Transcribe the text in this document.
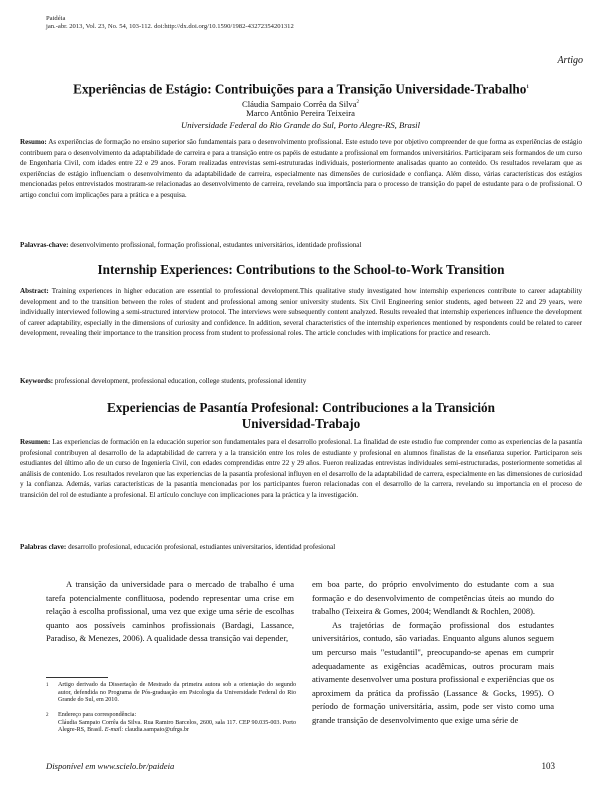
Paidéia
jan.-abr. 2013, Vol. 23, No. 54, 103-112. doi:http://dx.doi.org/10.1590/1982-43272354201312
Artigo
Experiências de Estágio: Contribuições para a Transição Universidade-Trabalho$^1$
Cláudia Sampaio Corrêa da Silva$^2$
Marco Antônio Pereira Teixeira
Universidade Federal do Rio Grande do Sul, Porto Alegre-RS, Brasil
Resumo: As experiências de formação no ensino superior são fundamentais para o desenvolvimento profissional. Este estudo teve por objetivo compreender de que forma as experiências de estágio contribuem para o desenvolvimento da adaptabilidade de carreira e para a transição entre os papéis de estudante a profissional em formandos universitários. Participaram seis formandos de um curso de Engenharia Civil, com idades entre 22 e 29 anos. Foram realizadas entrevistas semi-estruturadas individuais, posteriormente analisadas quanto ao conteúdo. Os resultados revelaram que as experiências de estágio influenciam o desenvolvimento da adaptabilidade de carreira, especialmente nas dimensões de curiosidade e confiança. Além disso, várias características dos estágios mencionadas pelos entrevistados mostraram-se relacionadas ao desenvolvimento de carreira, revelando sua importância para o processo de transição do papel de estudante para o de profissional. O artigo conclui com implicações para a prática e a pesquisa.
Palavras-chave: desenvolvimento profissional, formação profissional, estudantes universitários, identidade profissional
Internship Experiences: Contributions to the School-to-Work Transition
Abstract: Training experiences in higher education are essential to professional development.This qualitative study investigated how internship experiences contribute to career adaptability development and to the transition between the roles of student and professional among senior university students. Six Civil Engineering senior students, aged between 22 and 29 years, were individually interviewed following a semi-structured interview protocol. The interviews were subsequently content analyzed. Results revealed that internship experiences influence the development of career adaptability, especially in the dimensions of curiosity and confidence. In addition, several characteristics of the internship experiences mentioned by respondents could be related to career development, revealing their importance to the transition process from student to professional roles. The article concludes with implications for practice and research.
Keywords: professional development, professional education, college students, professional identity
Experiencias de Pasantía Profesional: Contribuciones a la Transición
Universidad-Trabajo
Resumen: Las experiencias de formación en la educación superior son fundamentales para el desarrollo profesional. La finalidad de este estudio fue comprender como as experiencias de la pasantía profesional contribuyen al desarrollo de la adaptabilidad de carrera y a la transición entre los roles de estudiante y profesional en alumnos finalistas de la enseñanza superior. Participaron seis estudiantes del último año de un curso de Ingeniería Civil, con edades comprendidas entre 22 y 29 años. Fueron realizadas entrevistas individuales semi-estructuradas, posteriormente sometidas al análisis de contenido. Los resultados revelaron que las experiencias de la pasantía profesional influyen en el desarrollo de la adaptabilidad de carrera, especialmente en las dimensiones de curiosidad y la confianza. Además, varias características de la pasantía mencionadas por los participantes fueron relacionadas con el desarrollo de la carrera, revelando su importancia en el proceso de transición del rol de estudiante a profesional. El artículo concluye con implicaciones para la práctica y la investigación.
Palabras clave: desarrollo profesional, educación profesional, estudiantes universitarios, identidad profesional
A transição da universidade para o mercado de trabalho é uma tarefa potencialmente conflituosa, podendo representar uma crise em relação à escolha profissional, uma vez que exige uma série de escolhas quanto aos possíveis caminhos profissionais (Bardagi, Lassance, Paradiso, & Menezes, 2006). A qualidade dessa transição vai depender,
em boa parte, do próprio envolvimento do estudante com a sua formação e do desenvolvimento de competências úteis ao mundo do trabalho (Teixeira & Gomes, 2004; Wendlandt & Rochlen, 2008).
As trajetórias de formação profissional dos estudantes universitários, contudo, são variadas. Enquanto alguns alunos seguem um percurso mais "estudantil", preocupando-se apenas em cumprir adequadamente as exigências acadêmicas, outros procuram mais ativamente desenvolver uma postura profissional e experiências que os aproximem da prática da profissão (Lassance & Gocks, 1995). O período de formação universitária, assim, pode ser visto como uma grande transição de desenvolvimento que exige uma série de
1	Artigo derivado da Dissertação de Mestrado da primeira autora sob a orientação do segundo autor, defendida no Programa de Pós-graduação em Psicologia da Universidade Federal do Rio Grande do Sul, em 2010.
2	Endereço para correspondência:
Cláudia Sampaio Corrêa da Silva. Rua Ramiro Barcelos, 2600, sala 117. CEP 90.035-003. Porto Alegre-RS, Brasil. E-mail: claudia.sampaio@ufrgs.br
Disponível em www.scielo.br/paideia	103
